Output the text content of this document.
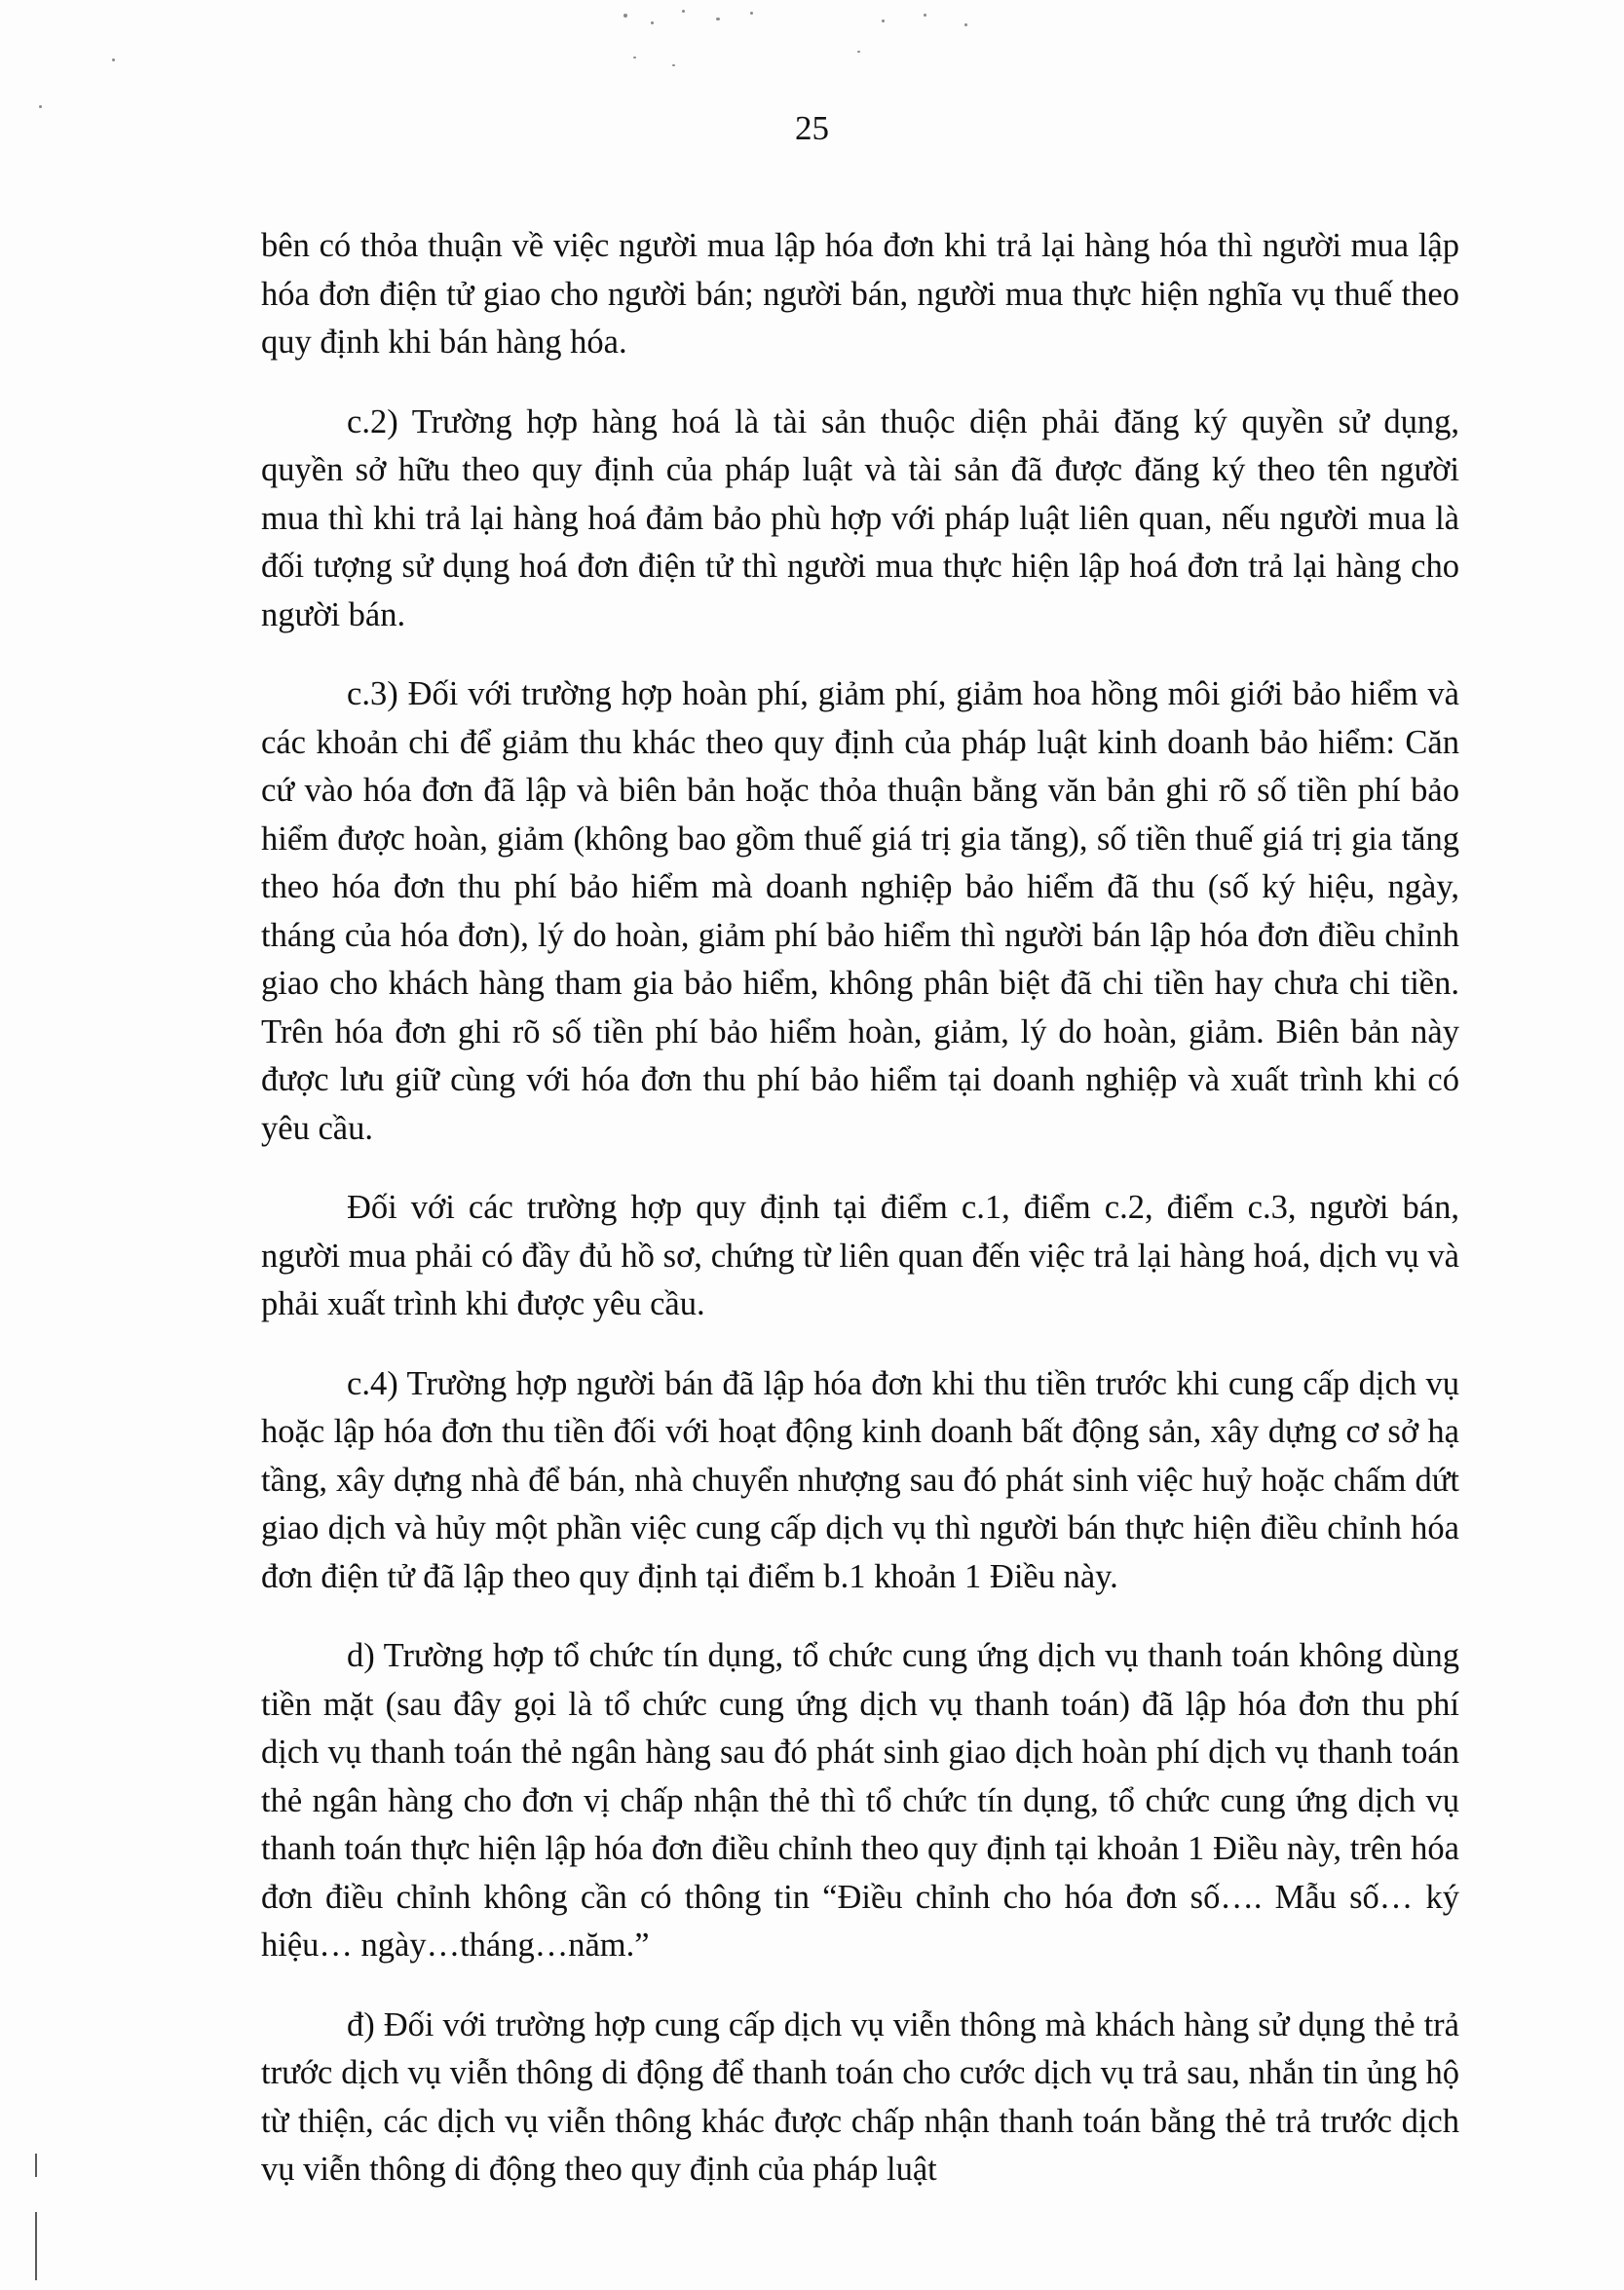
25

bên có thỏa thuận về việc người mua lập hóa đơn khi trả lại hàng hóa thì người mua lập hóa đơn điện tử giao cho người bán; người bán, người mua thực hiện nghĩa vụ thuế theo quy định khi bán hàng hóa.

c.2) Trường hợp hàng hoá là tài sản thuộc diện phải đăng ký quyền sử dụng, quyền sở hữu theo quy định của pháp luật và tài sản đã được đăng ký theo tên người mua thì khi trả lại hàng hoá đảm bảo phù hợp với pháp luật liên quan, nếu người mua là đối tượng sử dụng hoá đơn điện tử thì người mua thực hiện lập hoá đơn trả lại hàng cho người bán.

c.3) Đối với trường hợp hoàn phí, giảm phí, giảm hoa hồng môi giới bảo hiểm và các khoản chi để giảm thu khác theo quy định của pháp luật kinh doanh bảo hiểm: Căn cứ vào hóa đơn đã lập và biên bản hoặc thỏa thuận bằng văn bản ghi rõ số tiền phí bảo hiểm được hoàn, giảm (không bao gồm thuế giá trị gia tăng), số tiền thuế giá trị gia tăng theo hóa đơn thu phí bảo hiểm mà doanh nghiệp bảo hiểm đã thu (số ký hiệu, ngày, tháng của hóa đơn), lý do hoàn, giảm phí bảo hiểm thì người bán lập hóa đơn điều chỉnh giao cho khách hàng tham gia bảo hiểm, không phân biệt đã chi tiền hay chưa chi tiền. Trên hóa đơn ghi rõ số tiền phí bảo hiểm hoàn, giảm, lý do hoàn, giảm. Biên bản này được lưu giữ cùng với hóa đơn thu phí bảo hiểm tại doanh nghiệp và xuất trình khi có yêu cầu.

Đối với các trường hợp quy định tại điểm c.1, điểm c.2, điểm c.3, người bán, người mua phải có đầy đủ hồ sơ, chứng từ liên quan đến việc trả lại hàng hoá, dịch vụ và phải xuất trình khi được yêu cầu.

c.4) Trường hợp người bán đã lập hóa đơn khi thu tiền trước khi cung cấp dịch vụ hoặc lập hóa đơn thu tiền đối với hoạt động kinh doanh bất động sản, xây dựng cơ sở hạ tầng, xây dựng nhà để bán, nhà chuyển nhượng sau đó phát sinh việc huỷ hoặc chấm dứt giao dịch và hủy một phần việc cung cấp dịch vụ thì người bán thực hiện điều chỉnh hóa đơn điện tử đã lập theo quy định tại điểm b.1 khoản 1 Điều này.

d) Trường hợp tổ chức tín dụng, tổ chức cung ứng dịch vụ thanh toán không dùng tiền mặt (sau đây gọi là tổ chức cung ứng dịch vụ thanh toán) đã lập hóa đơn thu phí dịch vụ thanh toán thẻ ngân hàng sau đó phát sinh giao dịch hoàn phí dịch vụ thanh toán thẻ ngân hàng cho đơn vị chấp nhận thẻ thì tổ chức tín dụng, tổ chức cung ứng dịch vụ thanh toán thực hiện lập hóa đơn điều chỉnh theo quy định tại khoản 1 Điều này, trên hóa đơn điều chỉnh không cần có thông tin “Điều chỉnh cho hóa đơn số…. Mẫu số… ký hiệu… ngày…tháng…năm.”

đ) Đối với trường hợp cung cấp dịch vụ viễn thông mà khách hàng sử dụng thẻ trả trước dịch vụ viễn thông di động để thanh toán cho cước dịch vụ trả sau, nhắn tin ủng hộ từ thiện, các dịch vụ viễn thông khác được chấp nhận thanh toán bằng thẻ trả trước dịch vụ viễn thông di động theo quy định của pháp luật
